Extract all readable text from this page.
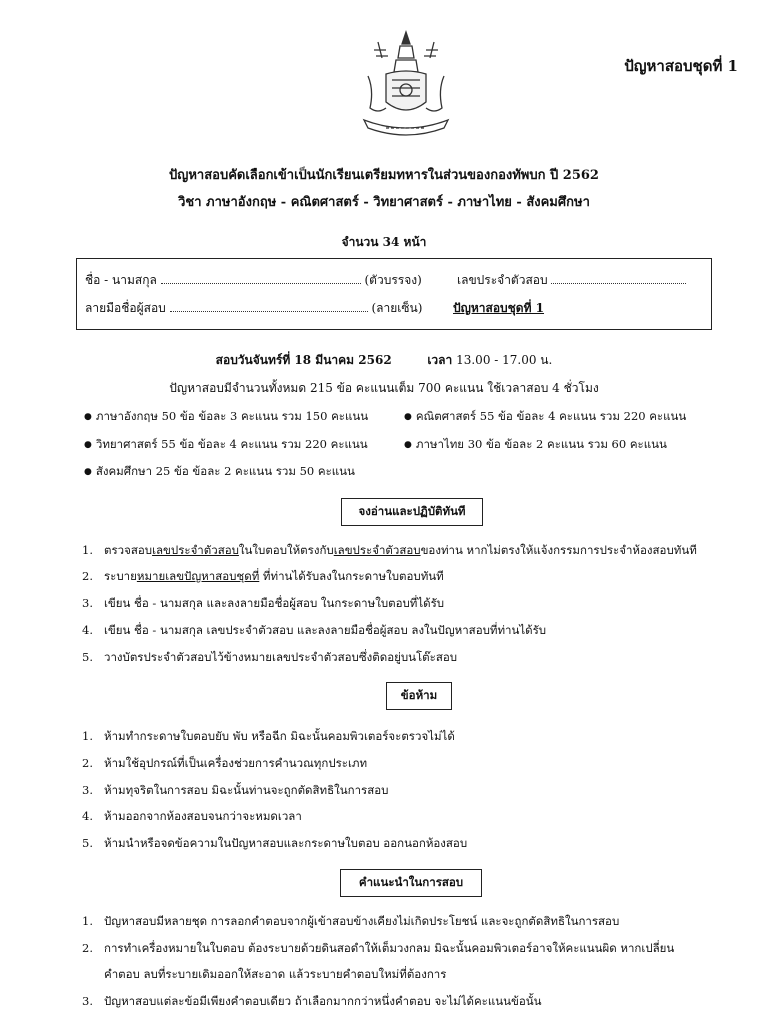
ปัญหาสอบชุดที่ 1
ปัญหาสอบคัดเลือกเข้าเป็นนักเรียนเตรียมทหารในส่วนของกองทัพบก ปี 2562
วิชา ภาษาอังกฤษ - คณิตศาสตร์ - วิทยาศาสตร์ - ภาษาไทย - สังคมศึกษา
จำนวน 34 หน้า
ชื่อ - นามสกุล	(ตัวบรรจง)	เลขประจำตัวสอบ
ลายมือชื่อผู้สอบ	(ลายเซ็น)	ปัญหาสอบชุดที่ 1
สอบวันจันทร์ที่ 18 มีนาคม 2562	เวลา 13.00 - 17.00 น.
ปัญหาสอบมีจำนวนทั้งหมด 215 ข้อ คะแนนเต็ม 700 คะแนน ใช้เวลาสอบ 4 ชั่วโมง
● ภาษาอังกฤษ 50 ข้อ ข้อละ 3 คะแนน รวม 150 คะแนน	● คณิตศาสตร์ 55 ข้อ ข้อละ 4 คะแนน รวม 220 คะแนน
● วิทยาศาสตร์ 55 ข้อ ข้อละ 4 คะแนน รวม 220 คะแนน	● ภาษาไทย 30 ข้อ ข้อละ 2 คะแนน รวม 60 คะแนน
● สังคมศึกษา 25 ข้อ ข้อละ 2 คะแนน รวม 50 คะแนน
จงอ่านและปฏิบัติทันที
1. ตรวจสอบเลขประจำตัวสอบในใบตอบให้ตรงกับเลขประจำตัวสอบของท่าน หากไม่ตรงให้แจ้งกรรมการประจำห้องสอบทันที
2. ระบายหมายเลขปัญหาสอบชุดที่ ที่ท่านได้รับลงในกระดาษใบตอบทันที
3. เขียน ชื่อ - นามสกุล และลงลายมือชื่อผู้สอบ ในกระดาษใบตอบที่ได้รับ
4. เขียน ชื่อ - นามสกุล เลขประจำตัวสอบ และลงลายมือชื่อผู้สอบ ลงในปัญหาสอบที่ท่านได้รับ
5. วางบัตรประจำตัวสอบไว้ข้างหมายเลขประจำตัวสอบซึ่งติดอยู่บนโต๊ะสอบ
ข้อห้าม
1. ห้ามทำกระดาษใบตอบยับ พับ หรือฉีก มิฉะนั้นคอมพิวเตอร์จะตรวจไม่ได้
2. ห้ามใช้อุปกรณ์ที่เป็นเครื่องช่วยการคำนวณทุกประเภท
3. ห้ามทุจริตในการสอบ มิฉะนั้นท่านจะถูกตัดสิทธิในการสอบ
4. ห้ามออกจากห้องสอบจนกว่าจะหมดเวลา
5. ห้ามนำหรือจดข้อความในปัญหาสอบและกระดาษใบตอบ ออกนอกห้องสอบ
คำแนะนำในการสอบ
1. ปัญหาสอบมีหลายชุด การลอกคำตอบจากผู้เข้าสอบข้างเคียงไม่เกิดประโยชน์ และจะถูกตัดสิทธิในการสอบ
2. การทำเครื่องหมายในใบตอบ ต้องระบายด้วยดินสอดำให้เต็มวงกลม มิฉะนั้นคอมพิวเตอร์อาจให้คะแนนผิด หากเปลี่ยน
คำตอบ ลบที่ระบายเดิมออกให้สะอาด แล้วระบายคำตอบใหม่ที่ต้องการ
3. ปัญหาสอบแต่ละข้อมีเพียงคำตอบเดียว ถ้าเลือกมากกว่าหนึ่งคำตอบ จะไม่ได้คะแนนข้อนั้น
